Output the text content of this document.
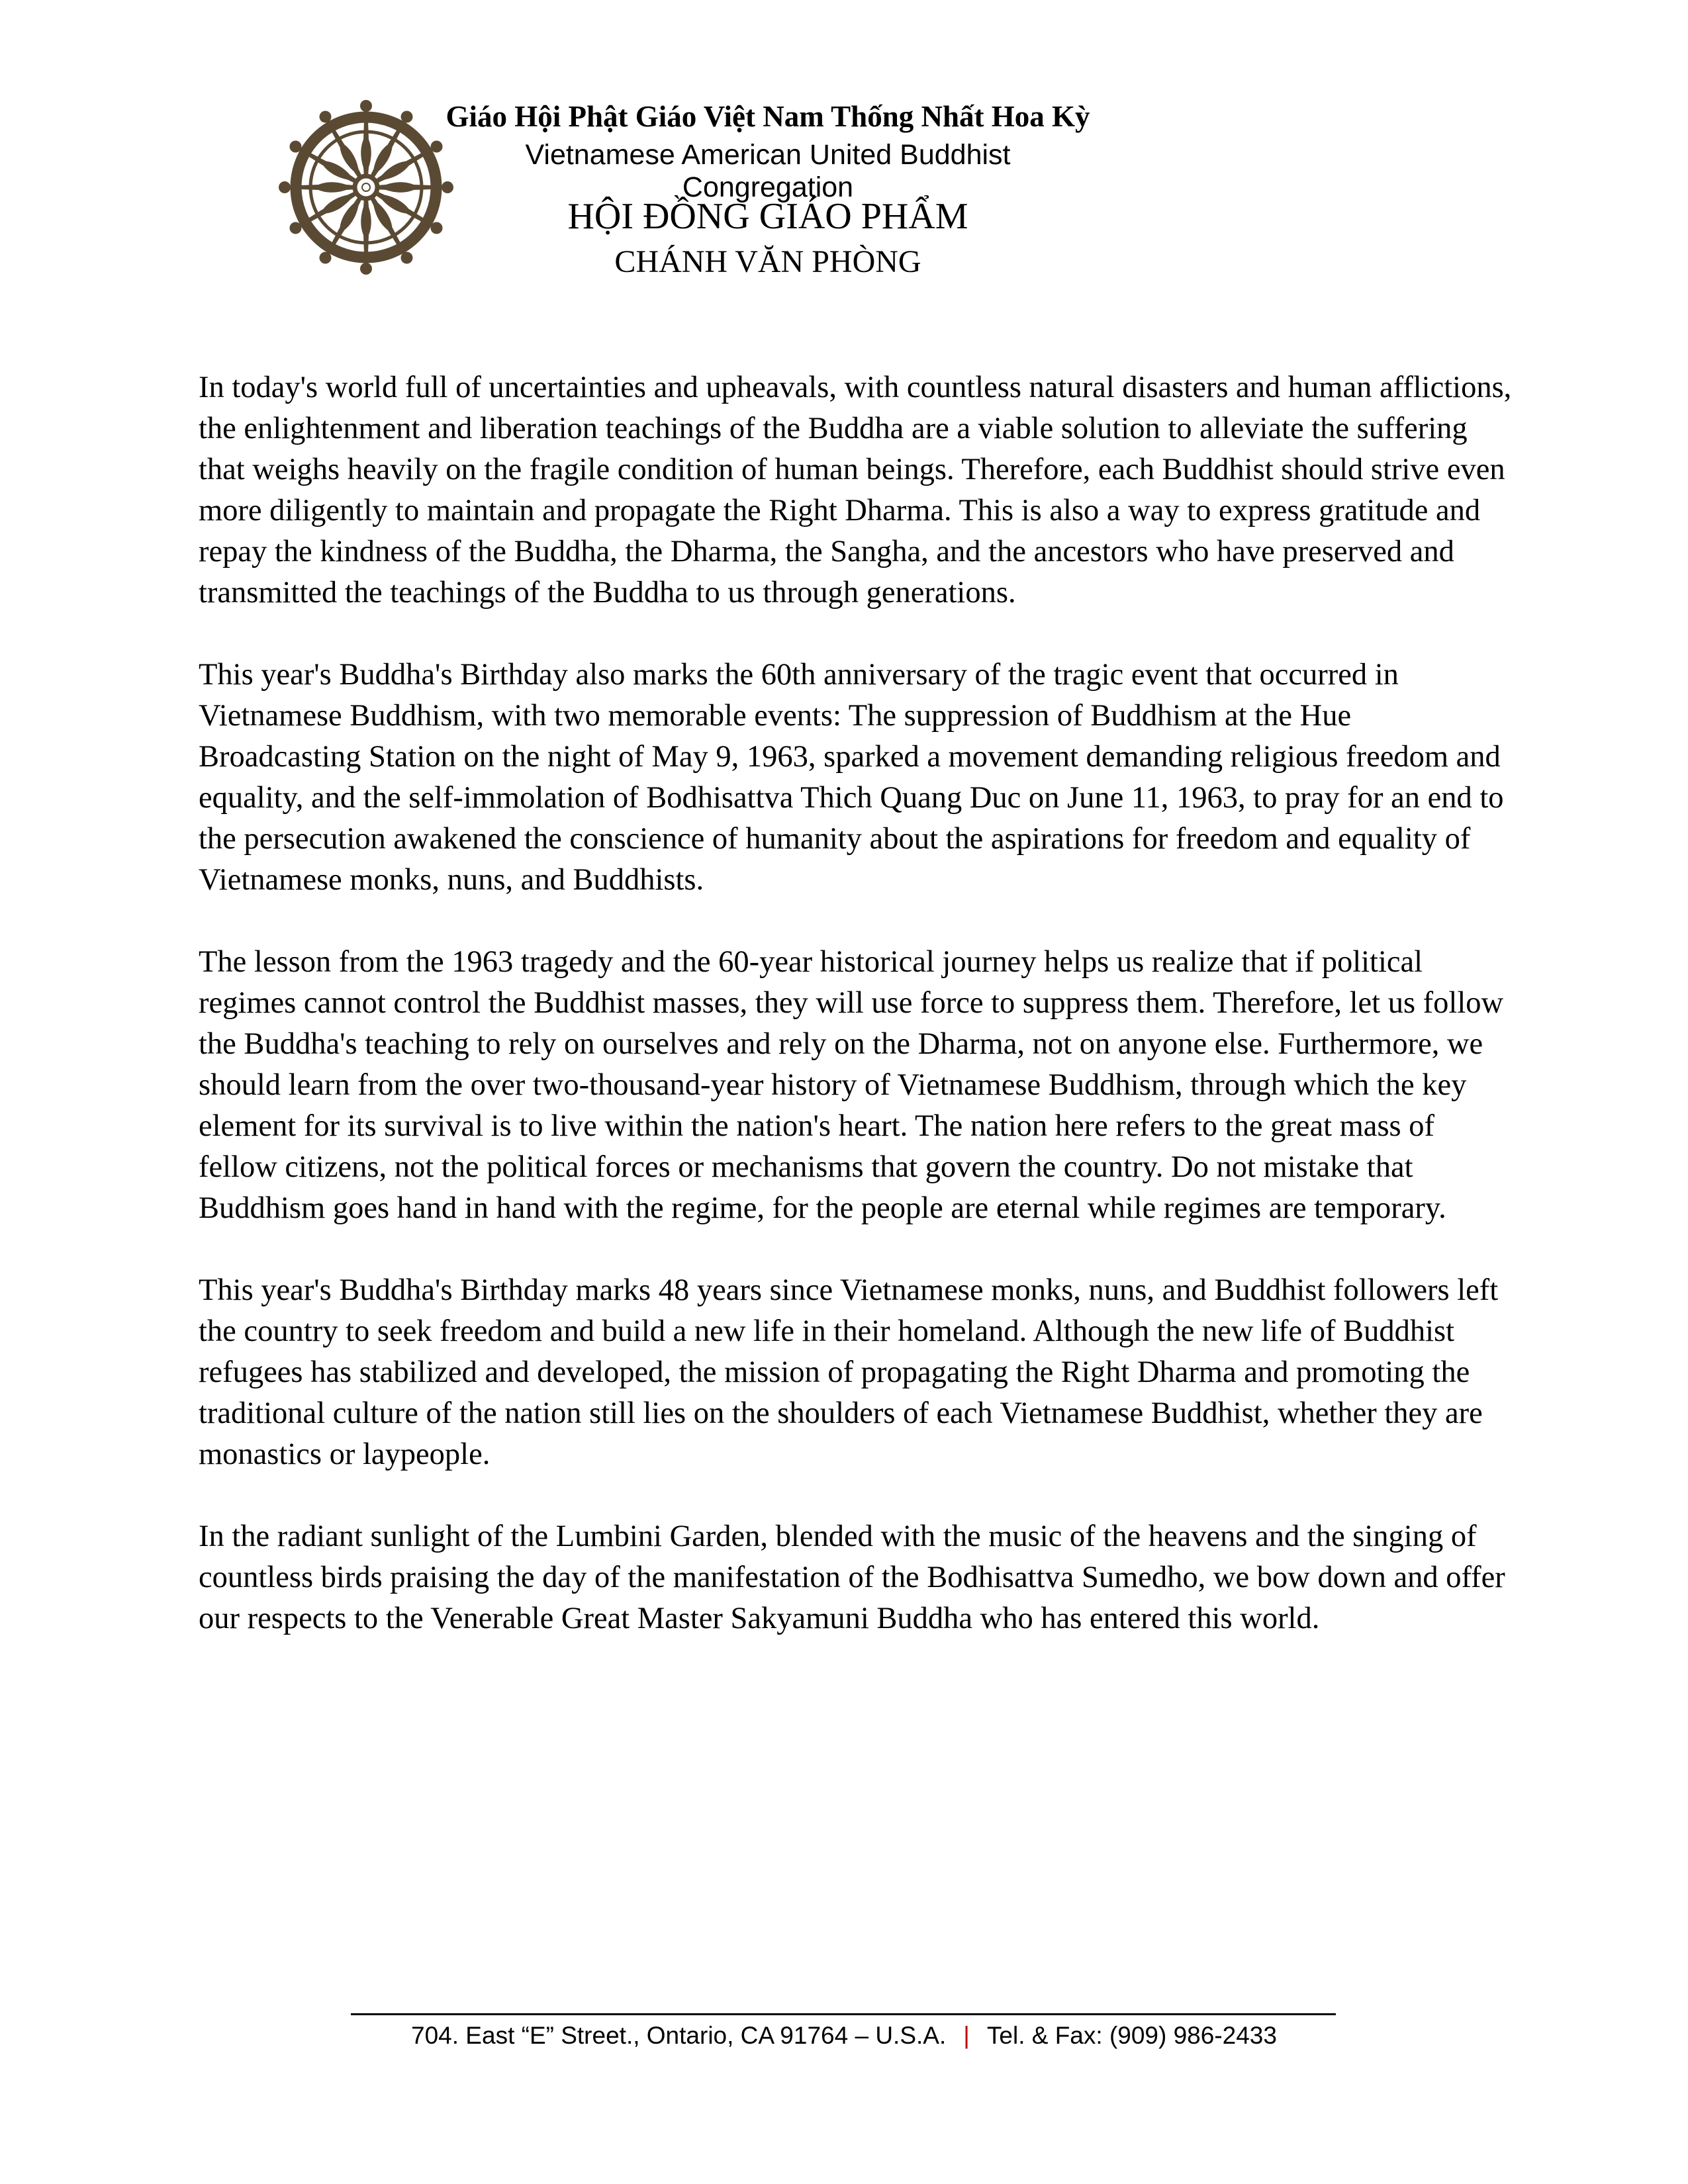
Giáo Hội Phật Giáo Việt Nam Thống Nhất Hoa Kỳ
Vietnamese American United Buddhist Congregation
HỘI ĐỒNG GIÁO PHẨM
CHÁNH VĂN PHÒNG

In today's world full of uncertainties and upheavals, with countless natural disasters and human afflictions, the enlightenment and liberation teachings of the Buddha are a viable solution to alleviate the suffering that weighs heavily on the fragile condition of human beings. Therefore, each Buddhist should strive even more diligently to maintain and propagate the Right Dharma. This is also a way to express gratitude and repay the kindness of the Buddha, the Dharma, the Sangha, and the ancestors who have preserved and transmitted the teachings of the Buddha to us through generations.

This year's Buddha's Birthday also marks the 60th anniversary of the tragic event that occurred in Vietnamese Buddhism, with two memorable events: The suppression of Buddhism at the Hue Broadcasting Station on the night of May 9, 1963, sparked a movement demanding religious freedom and equality, and the self-immolation of Bodhisattva Thich Quang Duc on June 11, 1963, to pray for an end to the persecution awakened the conscience of humanity about the aspirations for freedom and equality of Vietnamese monks, nuns, and Buddhists.

The lesson from the 1963 tragedy and the 60-year historical journey helps us realize that if political regimes cannot control the Buddhist masses, they will use force to suppress them. Therefore, let us follow the Buddha's teaching to rely on ourselves and rely on the Dharma, not on anyone else. Furthermore, we should learn from the over two-thousand-year history of Vietnamese Buddhism, through which the key element for its survival is to live within the nation's heart. The nation here refers to the great mass of fellow citizens, not the political forces or mechanisms that govern the country. Do not mistake that Buddhism goes hand in hand with the regime, for the people are eternal while regimes are temporary.

This year's Buddha's Birthday marks 48 years since Vietnamese monks, nuns, and Buddhist followers left the country to seek freedom and build a new life in their homeland. Although the new life of Buddhist refugees has stabilized and developed, the mission of propagating the Right Dharma and promoting the traditional culture of the nation still lies on the shoulders of each Vietnamese Buddhist, whether they are monastics or laypeople.

In the radiant sunlight of the Lumbini Garden, blended with the music of the heavens and the singing of countless birds praising the day of the manifestation of the Bodhisattva Sumedho, we bow down and offer our respects to the Venerable Great Master Sakyamuni Buddha who has entered this world.

704. East “E” Street., Ontario, CA 91764 – U.S.A. | Tel. & Fax: (909) 986-2433
